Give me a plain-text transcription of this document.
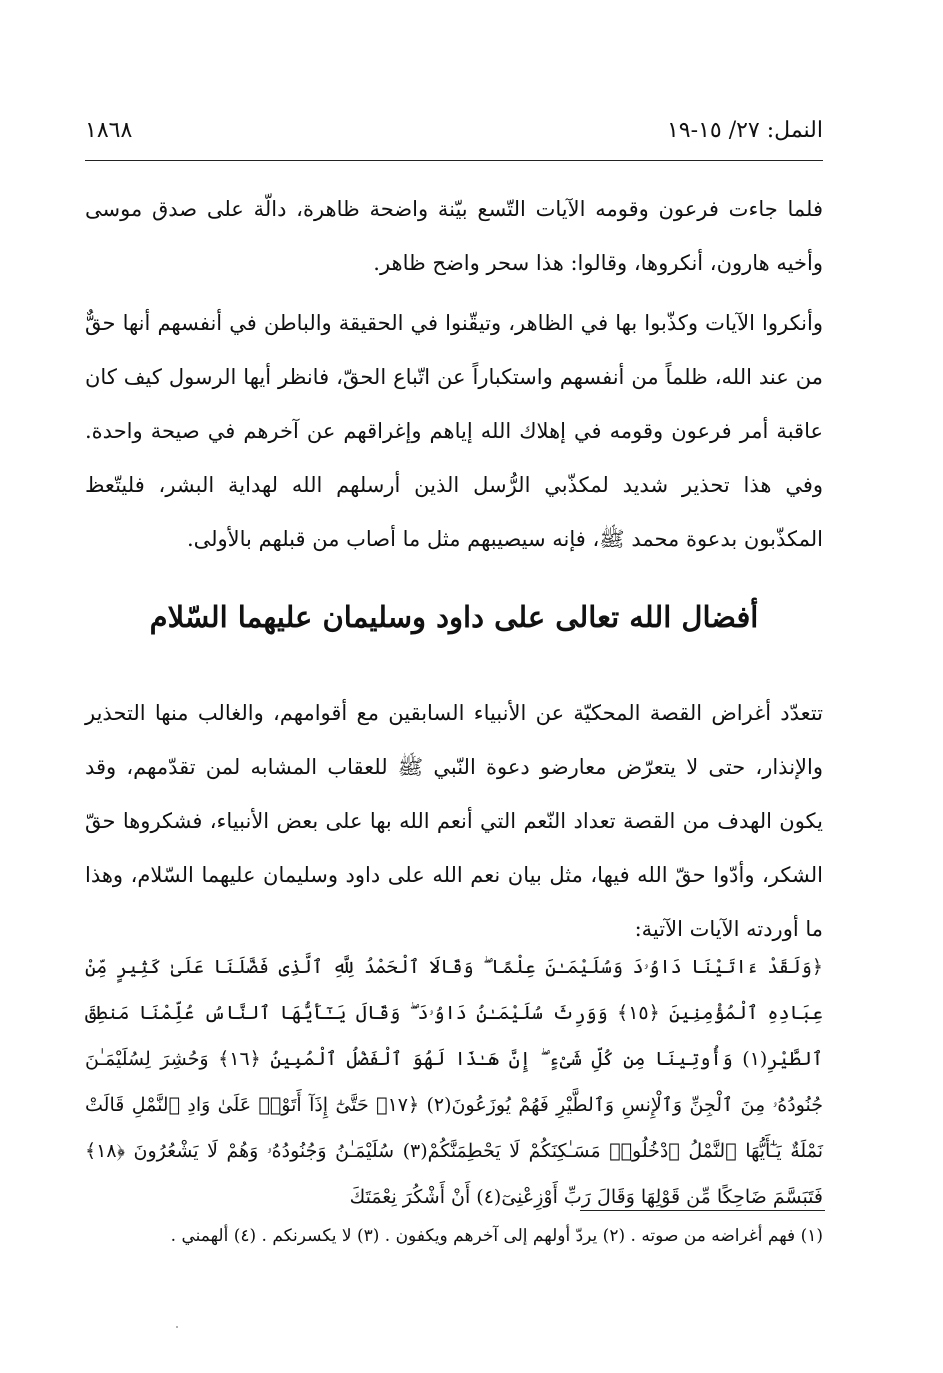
النمل: ٢٧/ ١٥-١٩
١٨٦٨

فلما جاءت فرعون وقومه الآيات التّسع بيّنة واضحة ظاهرة، دالّة على صدق موسى وأخيه هارون، أنكروها، وقالوا: هذا سحر واضح ظاهر.

وأنكروا الآيات وكذّبوا بها في الظاهر، وتيقّنوا في الحقيقة والباطن في أنفسهم أنها حقٌّ من عند الله، ظلماً من أنفسهم واستكباراً عن اتّباع الحقّ، فانظر أيها الرسول كيف كان عاقبة أمر فرعون وقومه في إهلاك الله إياهم وإغراقهم عن آخرهم في صيحة واحدة. وفي هذا تحذير شديد لمكذّبي الرُّسل الذين أرسلهم الله لهداية البشر، فليتّعظ المكذّبون بدعوة محمد ﷺ، فإنه سيصيبهم مثل ما أصاب من قبلهم بالأولى.

أفضال الله تعالى على داود وسليمان عليهما السّلام

تتعدّد أغراض القصة المحكيّة عن الأنبياء السابقين مع أقوامهم، والغالب منها التحذير والإنذار، حتى لا يتعرّض معارضو دعوة النّبي ﷺ للعقاب المشابه لمن تقدّمهم، وقد يكون الهدف من القصة تعداد النّعم التي أنعم الله بها على بعض الأنبياء، فشكروها حقّ الشكر، وأدّوا حقّ الله فيها، مثل بيان نعم الله على داود وسليمان عليهما السّلام، وهذا ما أوردته الآيات الآتية:

﴿وَلَقَدْ ءَاتَيْنَا دَاوُۥدَ وَسُلَيْمَـٰنَ عِلْمًا ۖ وَقَالَا ٱلْحَمْدُ لِلَّهِ ٱلَّذِى فَضَّلَنَا عَلَىٰ كَثِيرٍ مِّنْ عِبَادِهِ ٱلْمُؤْمِنِينَ ﴿١٥﴾ وَوَرِثَ سُلَيْمَـٰنُ دَاوُۥدَ ۖ وَقَالَ يَـٰٓأَيُّهَا ٱلنَّاسُ عُلِّمْنَا مَنطِقَ ٱلطَّيْرِ(١) وَأُوتِينَا مِن كُلِّ شَىْءٍ ۖ إِنَّ هَـٰذَا لَهُوَ ٱلْفَضْلُ ٱلْمُبِينُ ﴿١٦﴾ وَحُشِرَ لِسُلَيْمَـٰنَ جُنُودُهُۥ مِنَ ٱلْجِنِّ وَٱلْإِنسِ وَٱلطَّيْرِ فَهُمْ يُوزَعُونَ(٢) ﴿١٧﴾ حَتَّىٰٓ إِذَآ أَتَوْا۟ عَلَىٰ وَادِ ٱلنَّمْلِ قَالَتْ نَمْلَةٌ يَـٰٓأَيُّهَا ٱلنَّمْلُ ٱدْخُلُوا۟ مَسَـٰكِنَكُمْ لَا يَحْطِمَنَّكُمْ(٣) سُلَيْمَـٰنُ وَجُنُودُهُۥ وَهُمْ لَا يَشْعُرُونَ ﴿١٨﴾ فَتَبَسَّمَ ضَاحِكًا مِّن قَوْلِهَا وَقَالَ رَبِّ أَوْزِعْنِىٓ(٤) أَنْ أَشْكُرَ نِعْمَتَكَ

(١) فهم أغراضه من صوته . (٢) يردّ أولهم إلى آخرهم ويكفون . (٣) لا يكسرنكم . (٤) ألهمني .
